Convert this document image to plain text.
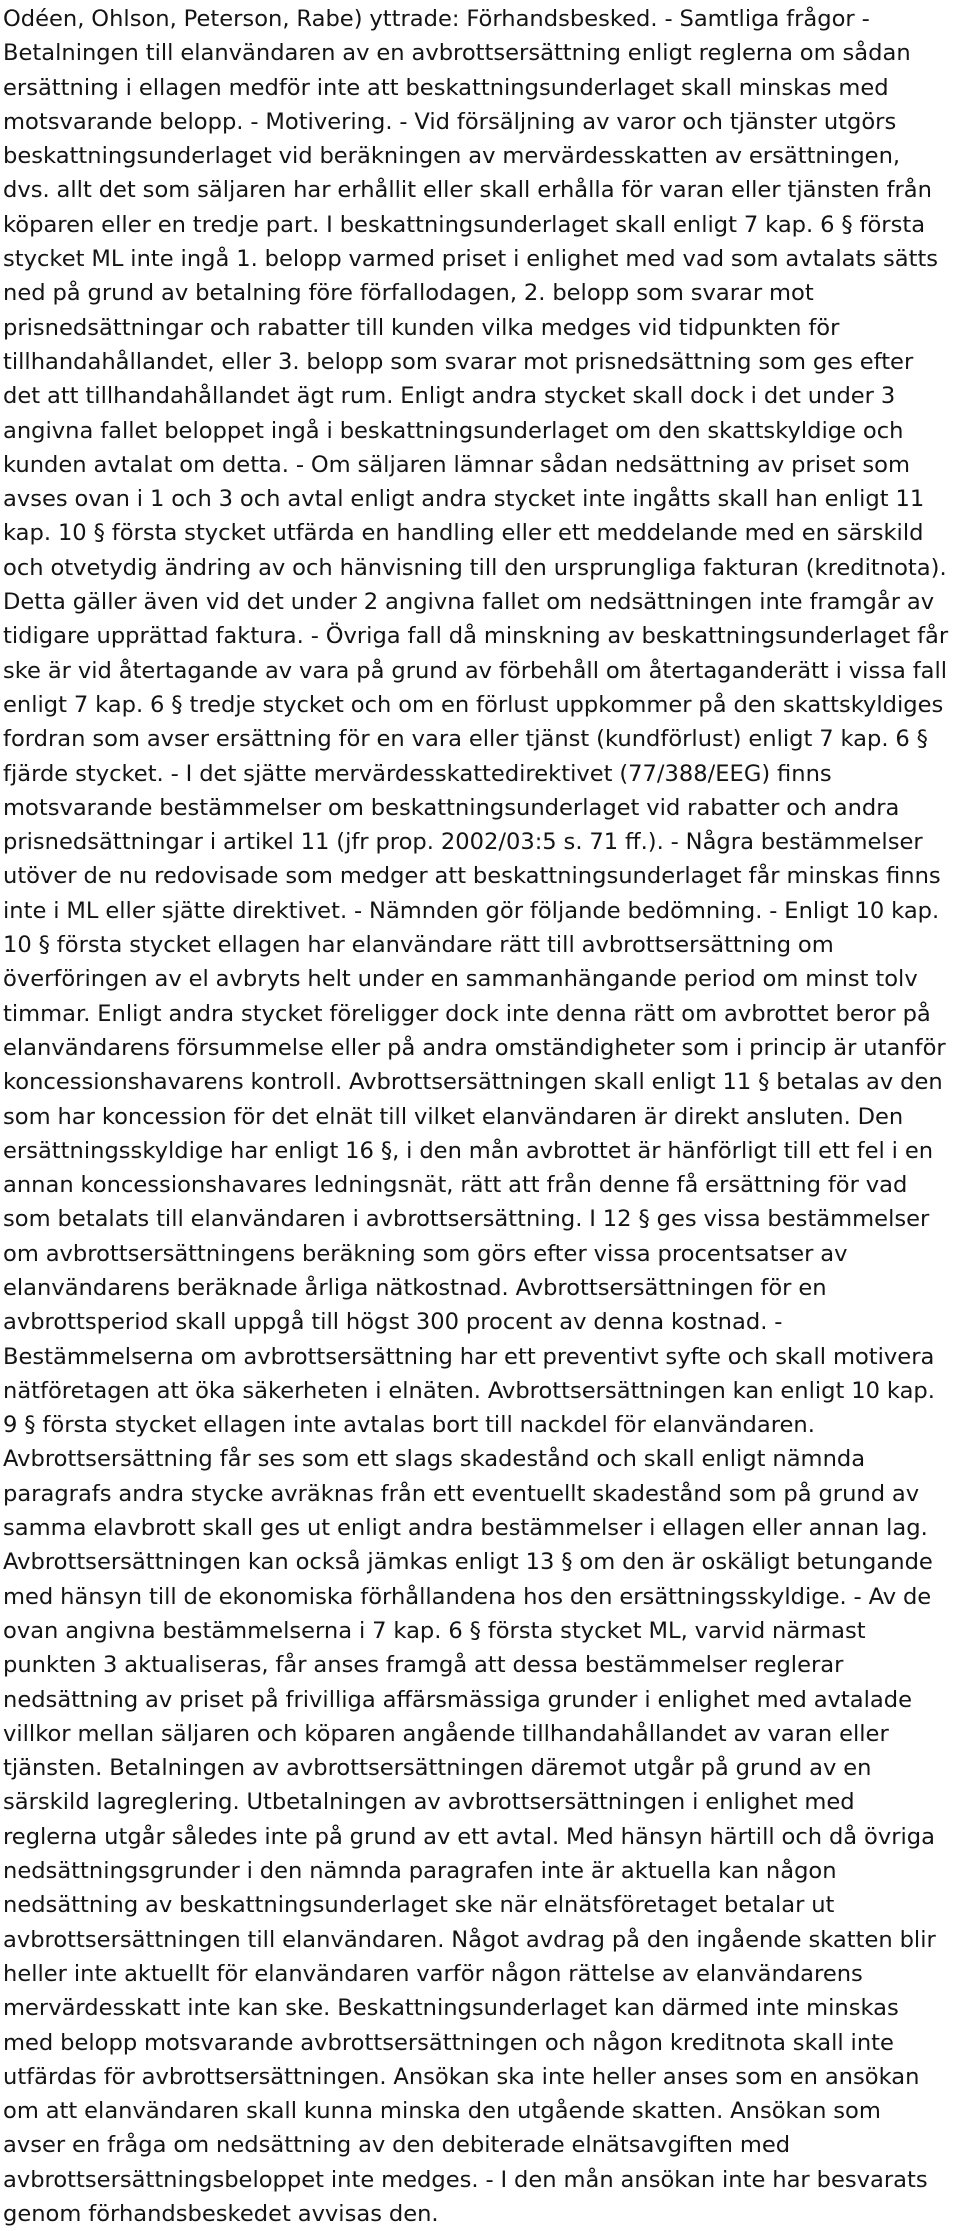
Odéen, Ohlson, Peterson, Rabe) yttrade: Förhandsbesked. - Samtliga frågor - Betalningen till elanvändaren av en avbrottsersättning enligt reglerna om sådan ersättning i ellagen medför inte att beskattningsunderlaget skall minskas med motsvarande belopp. - Motivering. - Vid försäljning av varor och tjänster utgörs beskattningsunderlaget vid beräkningen av mervärdesskatten av ersättningen, dvs. allt det som säljaren har erhållit eller skall erhålla för varan eller tjänsten från köparen eller en tredje part. I beskattningsunderlaget skall enligt 7 kap. 6 § första stycket ML inte ingå 1. belopp varmed priset i enlighet med vad som avtalats sätts ned på grund av betalning före förfallodagen, 2. belopp som svarar mot prisnedsättningar och rabatter till kunden vilka medges vid tidpunkten för tillhandahållandet, eller 3. belopp som svarar mot prisnedsättning som ges efter det att tillhandahållandet ägt rum. Enligt andra stycket skall dock i det under 3 angivna fallet beloppet ingå i beskattningsunderlaget om den skattskyldige och kunden avtalat om detta. - Om säljaren lämnar sådan nedsättning av priset som avses ovan i 1 och 3 och avtal enligt andra stycket inte ingåtts skall han enligt 11 kap. 10 § första stycket utfärda en handling eller ett meddelande med en särskild och otvetydig ändring av och hänvisning till den ursprungliga fakturan (kreditnota). Detta gäller även vid det under 2 angivna fallet om nedsättningen inte framgår av tidigare upprättad faktura. - Övriga fall då minskning av beskattningsunderlaget får ske är vid återtagande av vara på grund av förbehåll om återtaganderätt i vissa fall enligt 7 kap. 6 § tredje stycket och om en förlust uppkommer på den skattskyldiges fordran som avser ersättning för en vara eller tjänst (kundförlust) enligt 7 kap. 6 § fjärde stycket. - I det sjätte mervärdesskattedirektivet (77/388/EEG) finns motsvarande bestämmelser om beskattningsunderlaget vid rabatter och andra prisnedsättningar i artikel 11 (jfr prop. 2002/03:5 s. 71 ff.). - Några bestämmelser utöver de nu redovisade som medger att beskattningsunderlaget får minskas finns inte i ML eller sjätte direktivet. - Nämnden gör följande bedömning. - Enligt 10 kap. 10 § första stycket ellagen har elanvändare rätt till avbrottsersättning om överföringen av el avbryts helt under en sammanhängande period om minst tolv timmar. Enligt andra stycket föreligger dock inte denna rätt om avbrottet beror på elanvändarens försummelse eller på andra omständigheter som i princip är utanför koncessionshavarens kontroll. Avbrottsersättningen skall enligt 11 § betalas av den som har koncession för det elnät till vilket elanvändaren är direkt ansluten. Den ersättningsskyldige har enligt 16 §, i den mån avbrottet är hänförligt till ett fel i en annan koncessionshavares ledningsnät, rätt att från denne få ersättning för vad som betalats till elanvändaren i avbrottsersättning. I 12 § ges vissa bestämmelser om avbrottsersättningens beräkning som görs efter vissa procentsatser av elanvändarens beräknade årliga nätkostnad. Avbrottsersättningen för en avbrottsperiod skall uppgå till högst 300 procent av denna kostnad. - Bestämmelserna om avbrottsersättning har ett preventivt syfte och skall motivera nätföretagen att öka säkerheten i elnäten. Avbrottsersättningen kan enligt 10 kap. 9 § första stycket ellagen inte avtalas bort till nackdel för elanvändaren. Avbrottsersättning får ses som ett slags skadestånd och skall enligt nämnda paragrafs andra stycke avräknas från ett eventuellt skadestånd som på grund av samma elavbrott skall ges ut enligt andra bestämmelser i ellagen eller annan lag. Avbrottsersättningen kan också jämkas enligt 13 § om den är oskäligt betungande med hänsyn till de ekonomiska förhållandena hos den ersättningsskyldige. - Av de ovan angivna bestämmelserna i 7 kap. 6 § första stycket ML, varvid närmast punkten 3 aktualiseras, får anses framgå att dessa bestämmelser reglerar nedsättning av priset på frivilliga affärsmässiga grunder i enlighet med avtalade villkor mellan säljaren och köparen angående tillhandahållandet av varan eller tjänsten. Betalningen av avbrottsersättningen däremot utgår på grund av en särskild lagreglering. Utbetalningen av avbrottsersättningen i enlighet med reglerna utgår således inte på grund av ett avtal. Med hänsyn härtill och då övriga nedsättningsgrunder i den nämnda paragrafen inte är aktuella kan någon nedsättning av beskattningsunderlaget ske när elnätsföretaget betalar ut avbrottsersättningen till elanvändaren. Något avdrag på den ingående skatten blir heller inte aktuellt för elanvändaren varför någon rättelse av elanvändarens mervärdesskatt inte kan ske. Beskattningsunderlaget kan därmed inte minskas med belopp motsvarande avbrottsersättningen och någon kreditnota skall inte utfärdas för avbrottsersättningen. Ansökan ska inte heller anses som en ansökan om att elanvändaren skall kunna minska den utgående skatten. Ansökan som avser en fråga om nedsättning av den debiterade elnätsavgiften med avbrottsersättningsbeloppet inte medges. - I den mån ansökan inte har besvarats genom förhandsbeskedet avvisas den.
